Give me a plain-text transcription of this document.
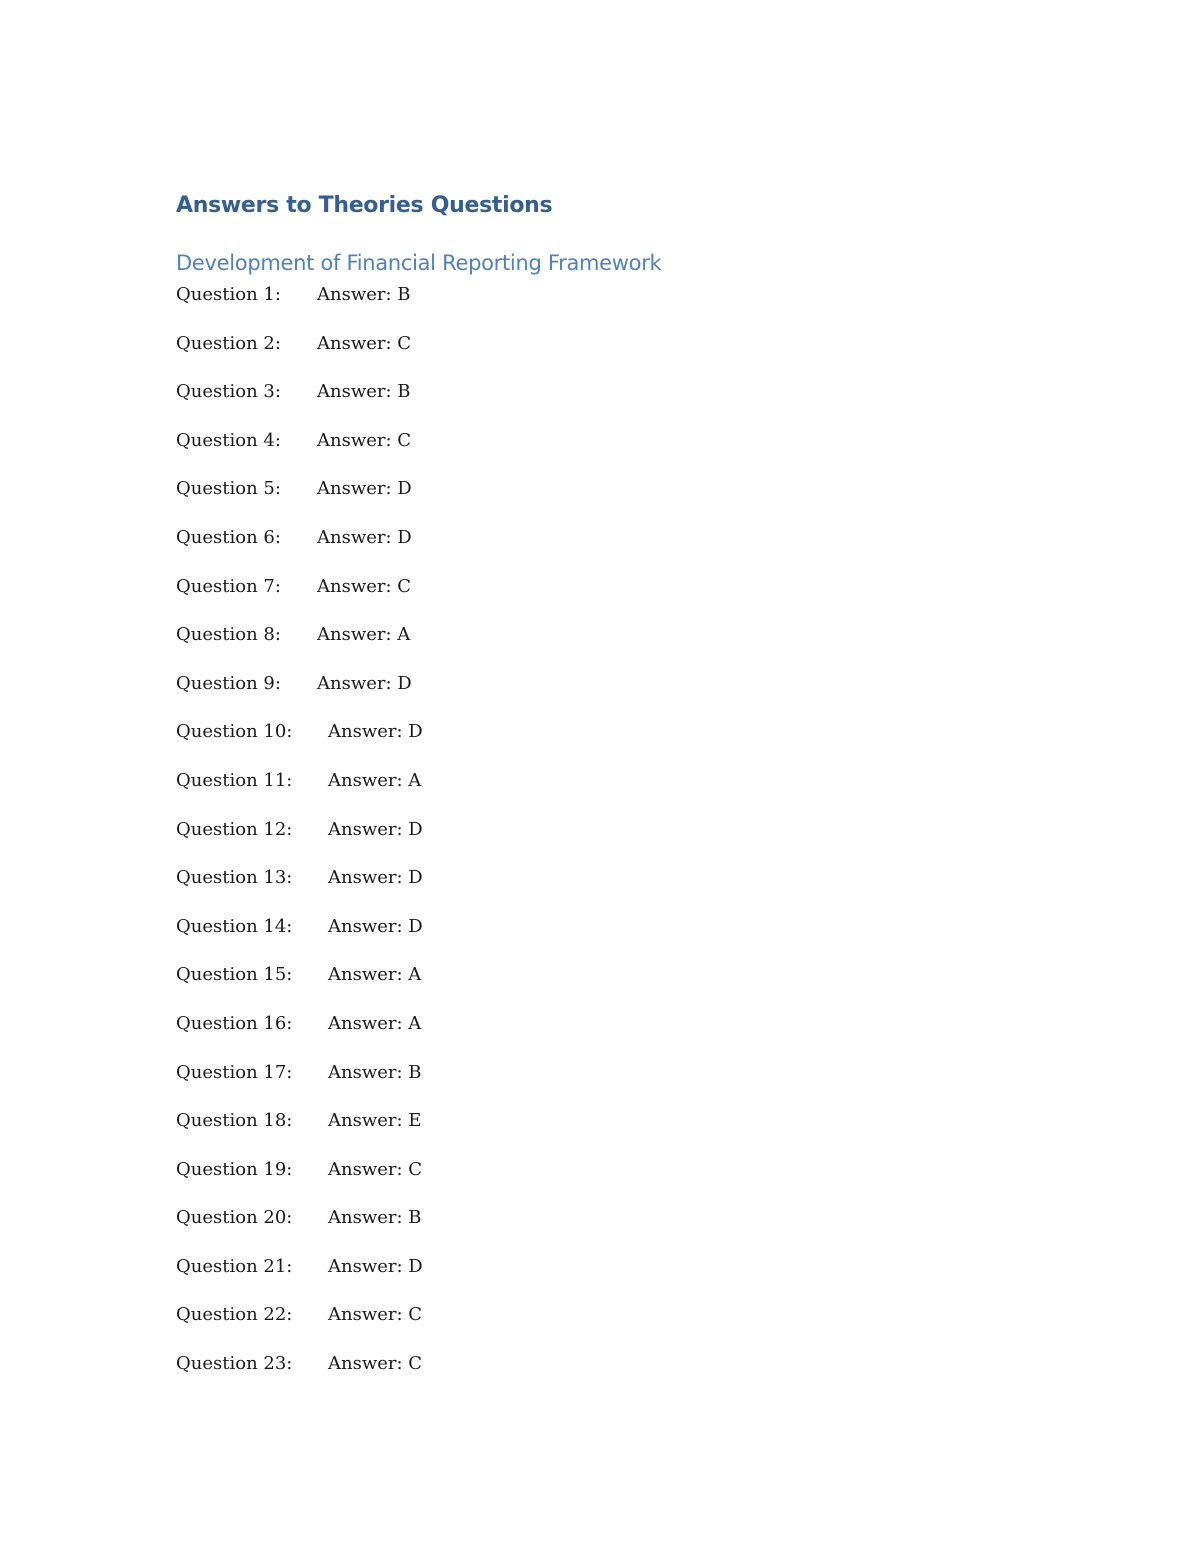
Answers to Theories Questions
Development of Financial Reporting Framework
Question 1: Answer: B
Question 2: Answer: C
Question 3: Answer: B
Question 4: Answer: C
Question 5: Answer: D
Question 6: Answer: D
Question 7: Answer: C
Question 8: Answer: A
Question 9: Answer: D
Question 10: Answer: D
Question 11: Answer: A
Question 12: Answer: D
Question 13: Answer: D
Question 14: Answer: D
Question 15: Answer: A
Question 16: Answer: A
Question 17: Answer: B
Question 18: Answer: E
Question 19: Answer: C
Question 20: Answer: B
Question 21: Answer: D
Question 22: Answer: C
Question 23: Answer: C
